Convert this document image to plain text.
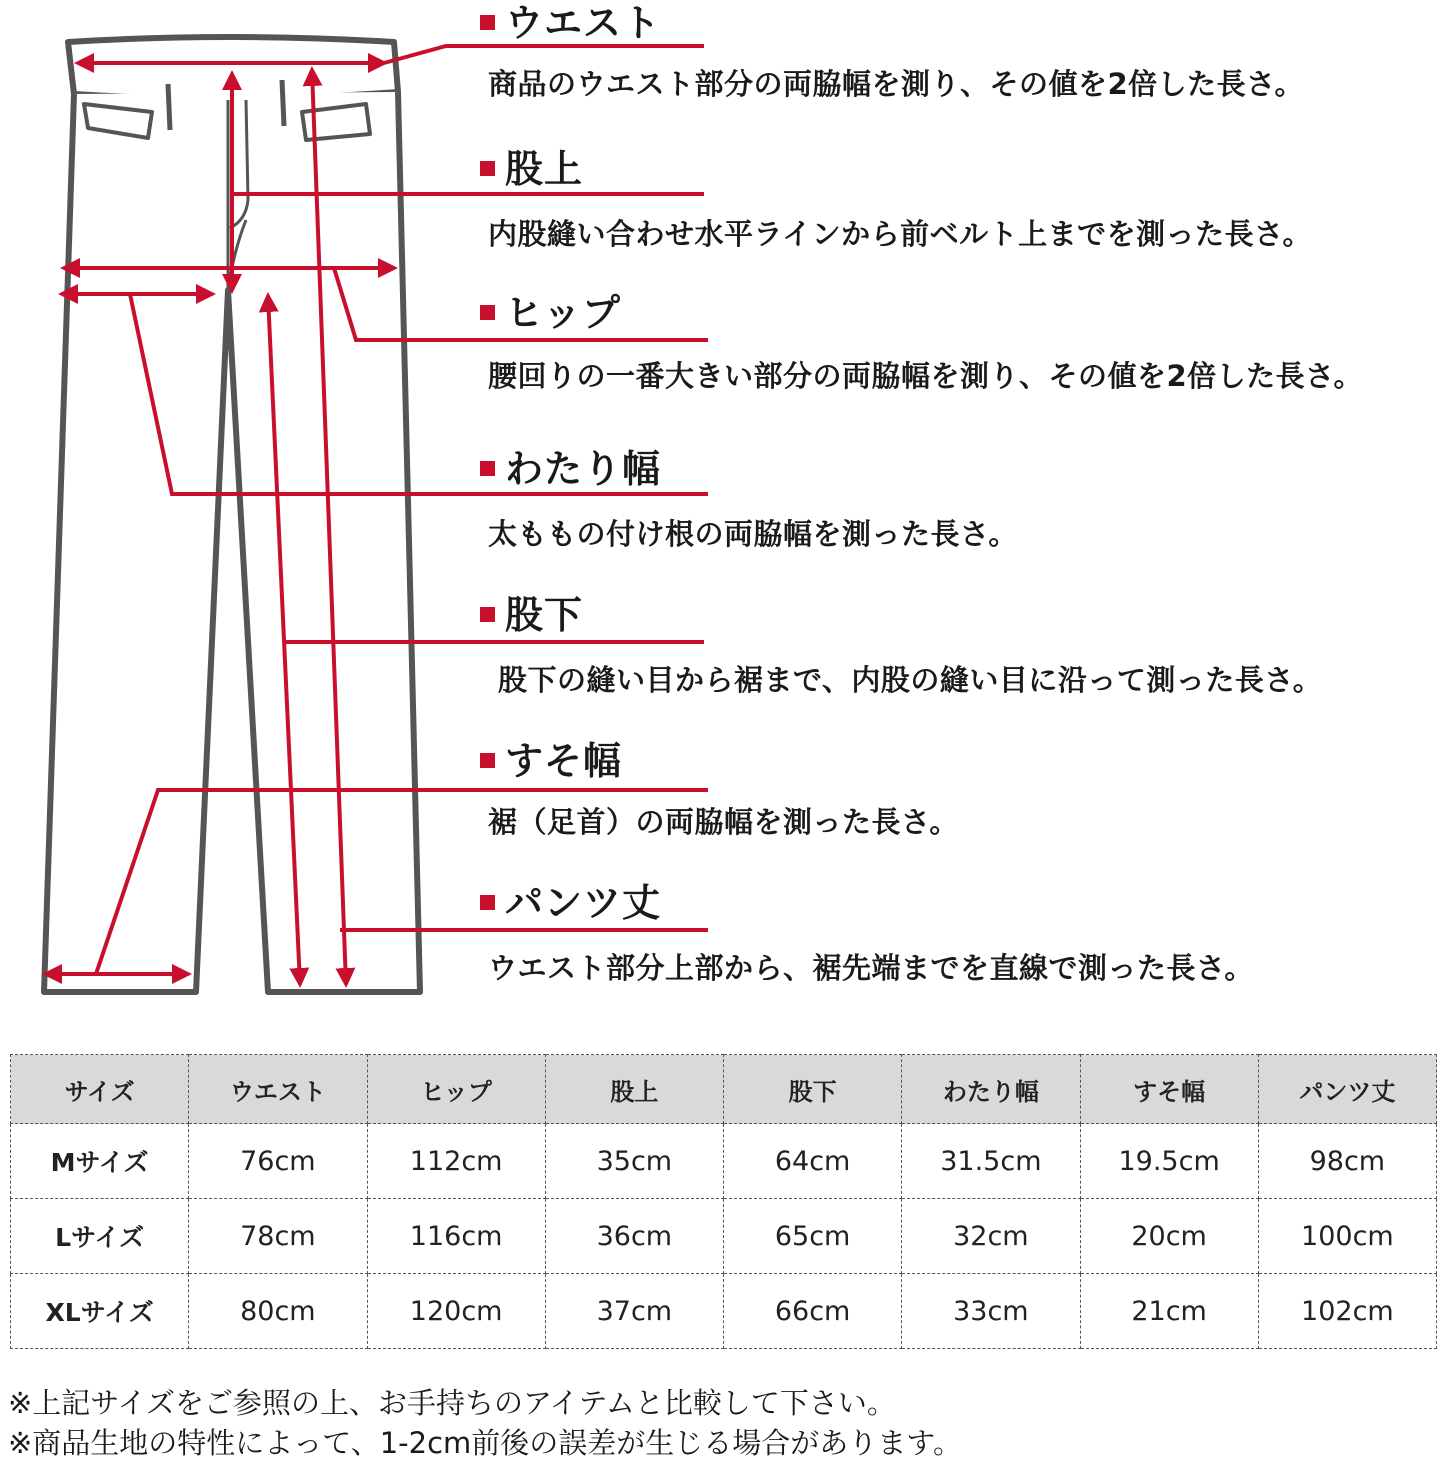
ウエスト
商品のウエスト部分の両脇幅を測り、その値を2倍した長さ。
股上
内股縫い合わせ水平ラインから前ベルト上までを測った長さ。
ヒップ
腰回りの一番大きい部分の両脇幅を測り、その値を2倍した長さ。
わたり幅
太ももの付け根の両脇幅を測った長さ。
股下
股下の縫い目から裾まで、内股の縫い目に沿って測った長さ。
すそ幅
裾（足首）の両脇幅を測った長さ。
パンツ丈
ウエスト部分上部から、裾先端までを直線で測った長さ。
サイズ	ウエスト	ヒップ	股上	股下	わたり幅	すそ幅	パンツ丈
Mサイズ	76cm	112cm	35cm	64cm	31.5cm	19.5cm	98cm
Lサイズ	78cm	116cm	36cm	65cm	32cm	20cm	100cm
XLサイズ	80cm	120cm	37cm	66cm	33cm	21cm	102cm
※上記サイズをご参照の上、お手持ちのアイテムと比較して下さい。
※商品生地の特性によって、1-2cm前後の誤差が生じる場合があります。
